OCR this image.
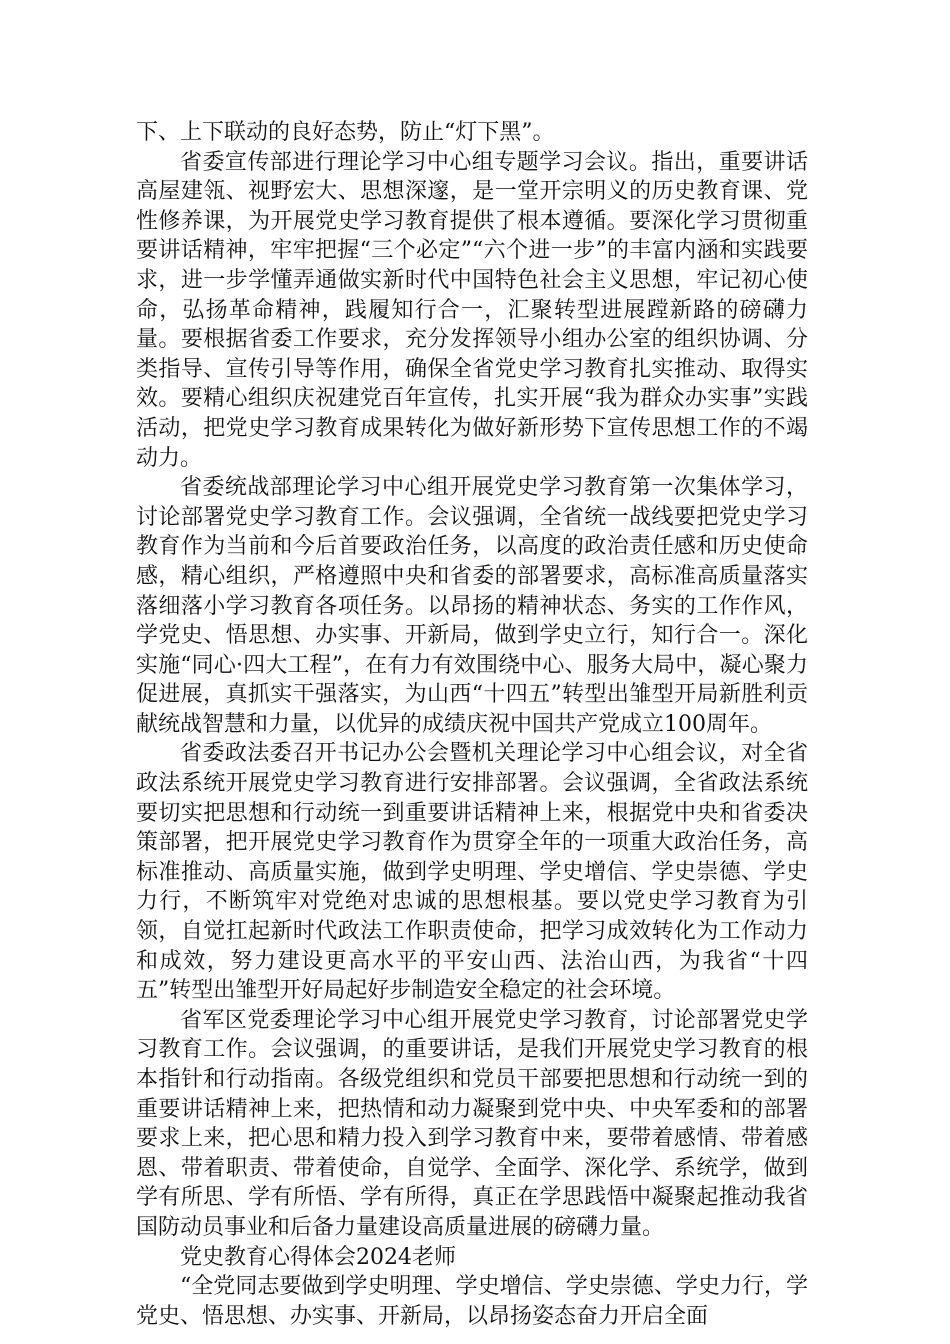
下、上下联动的良好态势，防止“灯下黑”。

省委宣传部进行理论学习中心组专题学习会议。指出，重要讲话高屋建瓴、视野宏大、思想深邃，是一堂开宗明义的历史教育课、党性修养课，为开展党史学习教育提供了根本遵循。要深化学习贯彻重要讲话精神，牢牢把握“三个必定”“六个进一步”的丰富内涵和实践要求，进一步学懂弄通做实新时代中国特色社会主义思想，牢记初心使命，弘扬革命精神，践履知行合一，汇聚转型进展蹚新路的磅礴力量。要根据省委工作要求，充分发挥领导小组办公室的组织协调、分类指导、宣传引导等作用，确保全省党史学习教育扎实推动、取得实效。要精心组织庆祝建党百年宣传，扎实开展“我为群众办实事”实践活动，把党史学习教育成果转化为做好新形势下宣传思想工作的不竭动力。

省委统战部理论学习中心组开展党史学习教育第一次集体学习，讨论部署党史学习教育工作。会议强调，全省统一战线要把党史学习教育作为当前和今后首要政治任务，以高度的政治责任感和历史使命感，精心组织，严格遵照中央和省委的部署要求，高标准高质量落实落细落小学习教育各项任务。以昂扬的精神状态、务实的工作作风，学党史、悟思想、办实事、开新局，做到学史立行，知行合一。深化实施“同心·四大工程”，在有力有效围绕中心、服务大局中，凝心聚力促进展，真抓实干强落实，为山西“十四五”转型出雏型开局新胜利贡献统战智慧和力量，以优异的成绩庆祝中国共产党成立100周年。

省委政法委召开书记办公会暨机关理论学习中心组会议，对全省政法系统开展党史学习教育进行安排部署。会议强调，全省政法系统要切实把思想和行动统一到重要讲话精神上来，根据党中央和省委决策部署，把开展党史学习教育作为贯穿全年的一项重大政治任务，高标准推动、高质量实施，做到学史明理、学史增信、学史崇德、学史力行，不断筑牢对党绝对忠诚的思想根基。要以党史学习教育为引领，自觉扛起新时代政法工作职责使命，把学习成效转化为工作动力和成效，努力建设更高水平的平安山西、法治山西，为我省“十四五”转型出雏型开好局起好步制造安全稳定的社会环境。

省军区党委理论学习中心组开展党史学习教育，讨论部署党史学习教育工作。会议强调，的重要讲话，是我们开展党史学习教育的根本指针和行动指南。各级党组织和党员干部要把思想和行动统一到的重要讲话精神上来，把热情和动力凝聚到党中央、中央军委和的部署要求上来，把心思和精力投入到学习教育中来，要带着感情、带着感恩、带着职责、带着使命，自觉学、全面学、深化学、系统学，做到学有所思、学有所悟、学有所得，真正在学思践悟中凝聚起推动我省国防动员事业和后备力量建设高质量进展的磅礴力量。

党史教育心得体会2024老师

“全党同志要做到学史明理、学史增信、学史崇德、学史力行，学党史、悟思想、办实事、开新局，以昂扬姿态奋力开启全面
